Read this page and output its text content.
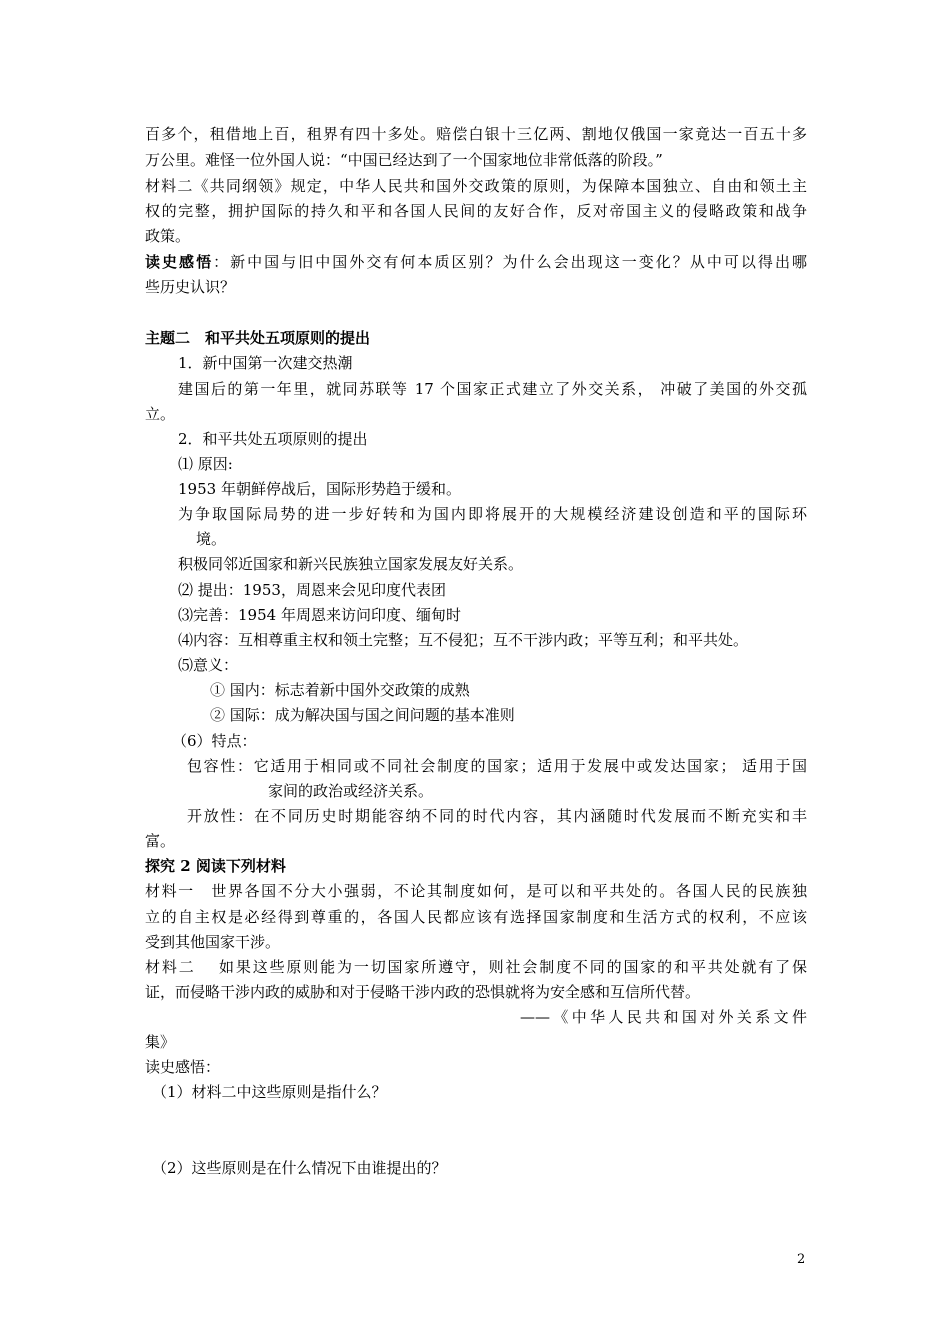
百多个，租借地上百，租界有四十多处。赔偿白银十三亿两、割地仅俄国一家竟达一百五十多
万公里。难怪一位外国人说：“中国已经达到了一个国家地位非常低落的阶段。”
材料二《共同纲领》规定，中华人民共和国外交政策的原则，为保障本国独立、自由和领土主
权的完整，拥护国际的持久和平和各国人民间的友好合作，反对帝国主义的侵略政策和战争
政策。
读史感悟：新中国与旧中国外交有何本质区别？为什么会出现这一变化？从中可以得出哪
些历史认识？
主题二　和平共处五项原则的提出
1．新中国第一次建交热潮
建国后的第一年里，就同苏联等 17 个国家正式建立了外交关系， 冲破了美国的外交孤
立。
2．和平共处五项原则的提出
⑴ 原因:
1953 年朝鲜停战后，国际形势趋于缓和。
为争取国际局势的进一步好转和为国内即将展开的大规模经济建设创造和平的国际环
境。
积极同邻近国家和新兴民族独立国家发展友好关系。
⑵ 提出：1953，周恩来会见印度代表团
⑶完善：1954 年周恩来访问印度、缅甸时
⑷内容：互相尊重主权和领土完整；互不侵犯；互不干涉内政；平等互利；和平共处。
⑸意义：
① 国内：标志着新中国外交政策的成熟
② 国际：成为解决国与国之间问题的基本准则
（6）特点：
包容性：它适用于相同或不同社会制度的国家；适用于发展中或发达国家； 适用于国
家间的政治或经济关系。
开放性：在不同历史时期能容纳不同的时代内容，其内涵随时代发展而不断充实和丰
富。
探究 2 阅读下列材料
材料一　世界各国不分大小强弱，不论其制度如何，是可以和平共处的。各国人民的民族独
立的自主权是必经得到尊重的，各国人民都应该有选择国家制度和生活方式的权利，不应该
受到其他国家干涉。
材料二　 如果这些原则能为一切国家所遵守，则社会制度不同的国家的和平共处就有了保
证，而侵略干涉内政的威胁和对于侵略干涉内政的恐惧就将为安全感和互信所代替。
——《中华人民共和国对外关系文件
集》
读史感悟：
（1）材料二中这些原则是指什么？
（2）这些原则是在什么情况下由谁提出的？
2
